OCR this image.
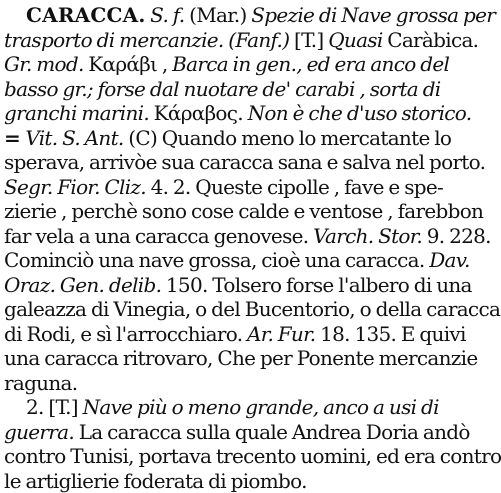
CARACCA. S. f. (Mar.) Spezie di Nave grossa per
trasporto di mercanzie. (Fanf.) [T.] Quasi Caràbica.
Gr. mod. Καράβι , Barca in gen., ed era anco del
basso gr.; forse dal nuotare de' carabi , sorta di
granchi marini. Κάραβος. Non è che d'uso storico.
= Vit. S. Ant. (C) Quando meno lo mercatante lo
sperava, arrivòe sua caracca sana e salva nel porto.
Segr. Fior. Cliz. 4. 2. Queste cipolle , fave e spe-
zierie , perchè sono cose calde e ventose , farebbon
far vela a una caracca genovese. Varch. Stor. 9. 228.
Cominciò una nave grossa, cioè una caracca. Dav.
Oraz. Gen. delib. 150. Tolsero forse l'albero di una
galeazza di Vinegia, o del Bucentorio, o della caracca
di Rodi, e sì l'arrocchiaro. Ar. Fur. 18. 135. E quivi
una caracca ritrovaro, Che per Ponente mercanzie
raguna.
2. [T.] Nave più o meno grande, anco a usi di
guerra. La caracca sulla quale Andrea Doria andò
contro Tunisi, portava trecento uomini, ed era contro
le artiglierie foderata di piombo.
